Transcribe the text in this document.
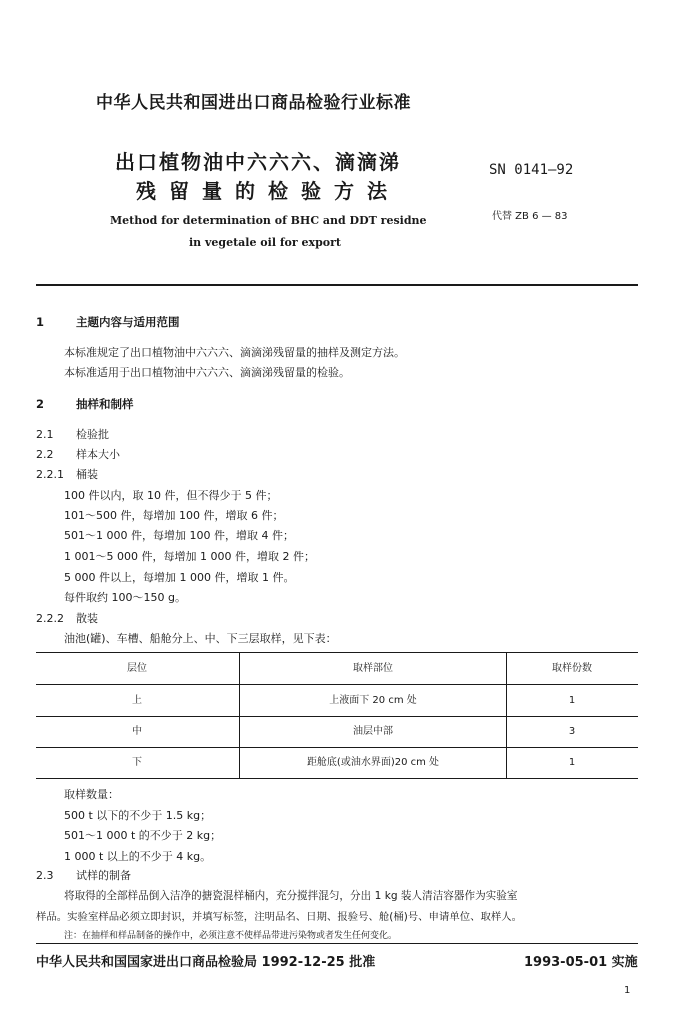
中华人民共和国进出口商品检验行业标准
出口植物油中六六六、滴滴涕
残留量的检验方法
Method for determination of BHC and DDT residne
in vegetale oil for export
SN 0141—92
代替 ZB 6 — 83
1	主题内容与适用范围
本标准规定了出口植物油中六六六、滴滴涕残留量的抽样及测定方法。
本标准适用于出口植物油中六六六、滴滴涕残留量的检验。
2	抽样和制样
2.1 检验批
2.2 样本大小
2.2.1 桶装
100 件以内，取 10 件，但不得少于 5 件；
101～500 件，每增加 100 件，增取 6 件；
501～1 000 件，每增加 100 件，增取 4 件；
1 001～5 000 件，每增加 1 000 件，增取 2 件；
5 000 件以上，每增加 1 000 件，增取 1 件。
每件取约 100～150 g。
2.2.2 散装
油池(罐)、车槽、船舱分上、中、下三层取样，见下表：
层位	取样部位	取样份数
上	上液面下 20 cm 处	1
中	油层中部	3
下	距舱底(或油水界面)20 cm 处	1
取样数量：
500 t 以下的不少于 1.5 kg；
501～1 000 t 的不少于 2 kg；
1 000 t 以上的不少于 4 kg。
2.3 试样的制备
将取得的全部样品倒入洁净的搪瓷混样桶内，充分搅拌混匀，分出 1 kg 装人清洁容器作为实验室
样品。实验室样品必须立即封识，并填写标签，注明品名、日期、报验号、舱(桶)号、申请单位、取样人。
注：在抽样和样品制备的操作中，必须注意不使样品带进污染物或者发生任何变化。
中华人民共和国国家进出口商品检验局 1992-12-25 批准	1993-05-01 实施
1
